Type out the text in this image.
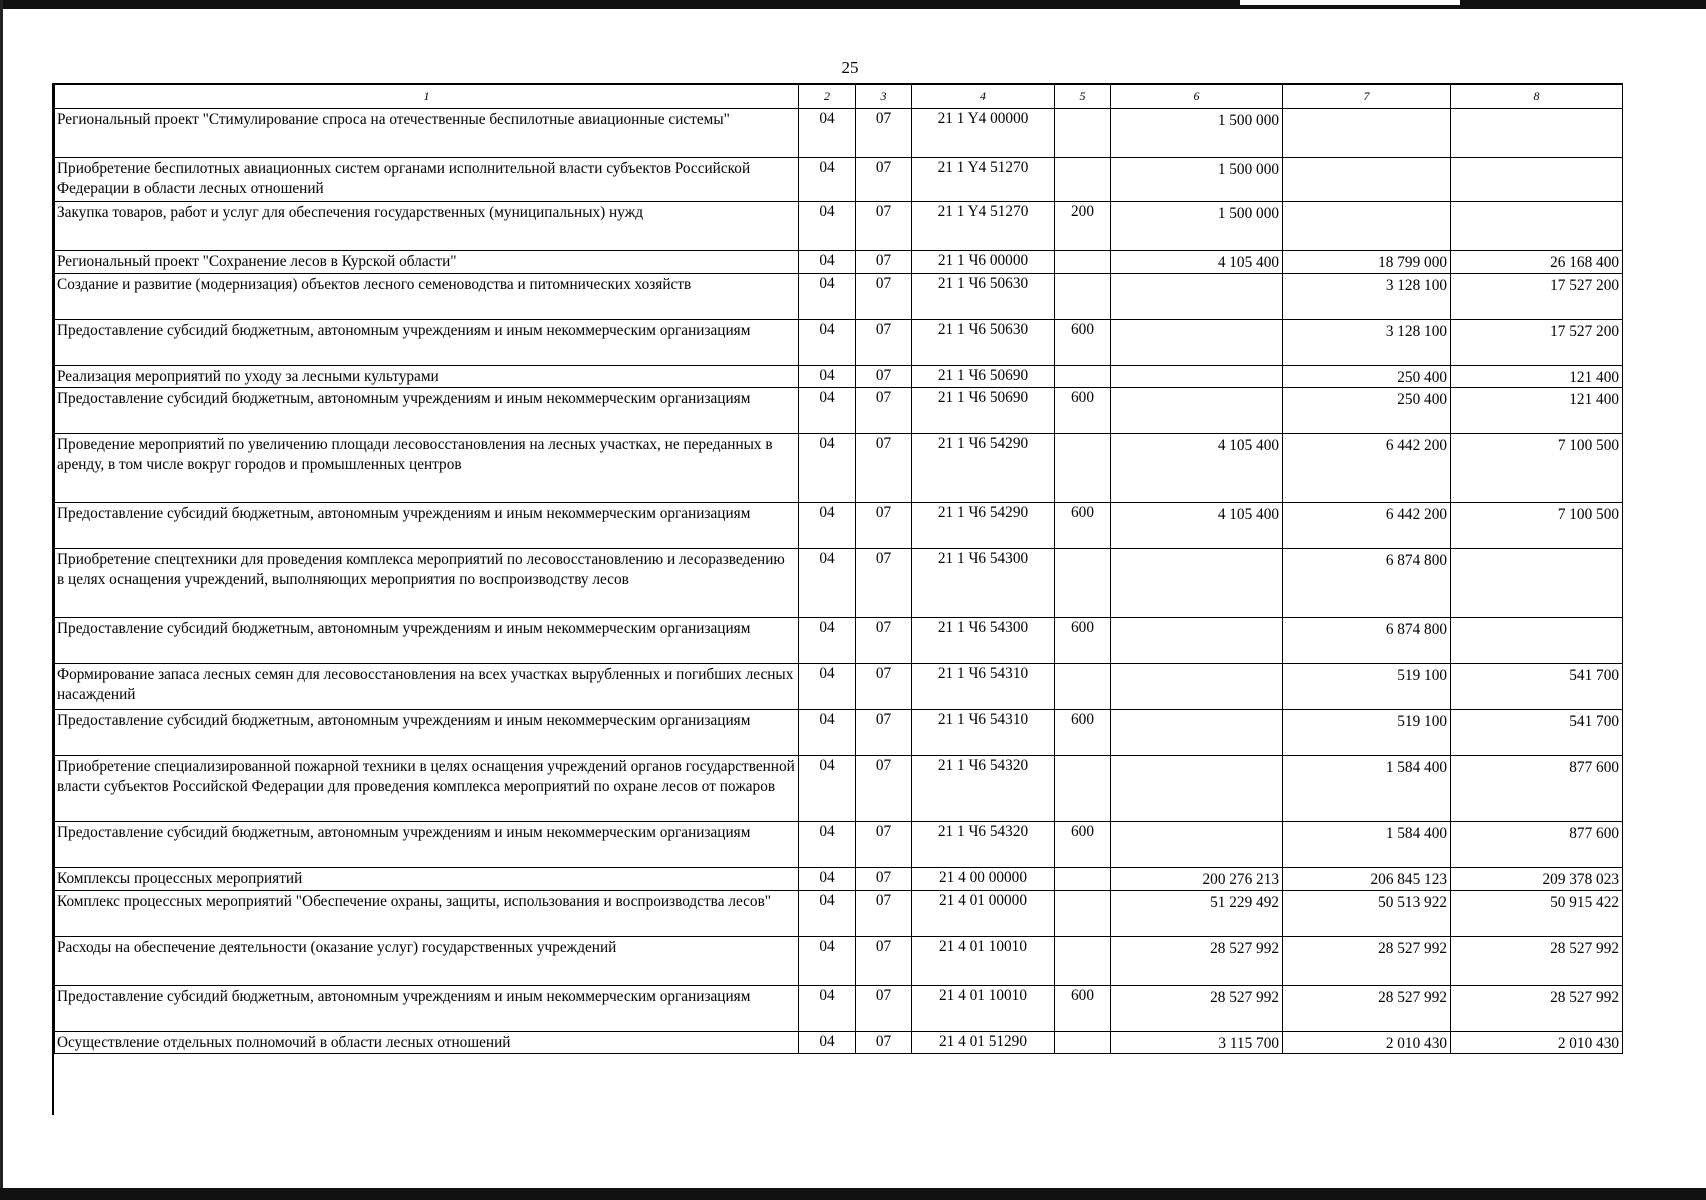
25
1	2	3	4	5	6	7	8
Региональный проект "Стимулирование спроса на отечественные беспилотные авиационные системы"	04	07	21 1 Y4 00000		1 500 000		
Приобретение беспилотных авиационных систем органами исполнительной власти субъектов Российской Федерации в области лесных отношений	04	07	21 1 Y4 51270		1 500 000		
Закупка товаров, работ и услуг для обеспечения государственных (муниципальных) нужд	04	07	21 1 Y4 51270	200	1 500 000		
Региональный проект "Сохранение лесов в Курской области"	04	07	21 1 Ч6 00000		4 105 400	18 799 000	26 168 400
Создание и развитие (модернизация) объектов лесного семеноводства и питомнических хозяйств	04	07	21 1 Ч6 50630			3 128 100	17 527 200
Предоставление субсидий бюджетным, автономным учреждениям и иным некоммерческим организациям	04	07	21 1 Ч6 50630	600		3 128 100	17 527 200
Реализация мероприятий по уходу за лесными культурами	04	07	21 1 Ч6 50690			250 400	121 400
Предоставление субсидий бюджетным, автономным учреждениям и иным некоммерческим организациям	04	07	21 1 Ч6 50690	600		250 400	121 400
Проведение мероприятий по увеличению площади лесовосстановления на лесных участках, не переданных в аренду, в том числе вокруг городов и промышленных центров	04	07	21 1 Ч6 54290		4 105 400	6 442 200	7 100 500
Предоставление субсидий бюджетным, автономным учреждениям и иным некоммерческим организациям	04	07	21 1 Ч6 54290	600	4 105 400	6 442 200	7 100 500
Приобретение спецтехники для проведения комплекса мероприятий по лесовосстановлению и лесоразведению в целях оснащения учреждений, выполняющих мероприятия по воспроизводству лесов	04	07	21 1 Ч6 54300			6 874 800	
Предоставление субсидий бюджетным, автономным учреждениям и иным некоммерческим организациям	04	07	21 1 Ч6 54300	600		6 874 800	
Формирование запаса лесных семян для лесовосстановления на всех участках вырубленных и погибших лесных насаждений	04	07	21 1 Ч6 54310			519 100	541 700
Предоставление субсидий бюджетным, автономным учреждениям и иным некоммерческим организациям	04	07	21 1 Ч6 54310	600		519 100	541 700
Приобретение специализированной пожарной техники в целях оснащения учреждений органов государственной власти субъектов Российской Федерации для проведения комплекса мероприятий по охране лесов от пожаров	04	07	21 1 Ч6 54320			1 584 400	877 600
Предоставление субсидий бюджетным, автономным учреждениям и иным некоммерческим организациям	04	07	21 1 Ч6 54320	600		1 584 400	877 600
Комплексы процессных мероприятий	04	07	21 4 00 00000		200 276 213	206 845 123	209 378 023
Комплекс процессных мероприятий "Обеспечение охраны, защиты, использования и воспроизводства лесов"	04	07	21 4 01 00000		51 229 492	50 513 922	50 915 422
Расходы на обеспечение деятельности (оказание услуг) государственных учреждений	04	07	21 4 01 10010		28 527 992	28 527 992	28 527 992
Предоставление субсидий бюджетным, автономным учреждениям и иным некоммерческим организациям	04	07	21 4 01 10010	600	28 527 992	28 527 992	28 527 992
Осуществление отдельных полномочий в области лесных отношений	04	07	21 4 01 51290		3 115 700	2 010 430	2 010 430
